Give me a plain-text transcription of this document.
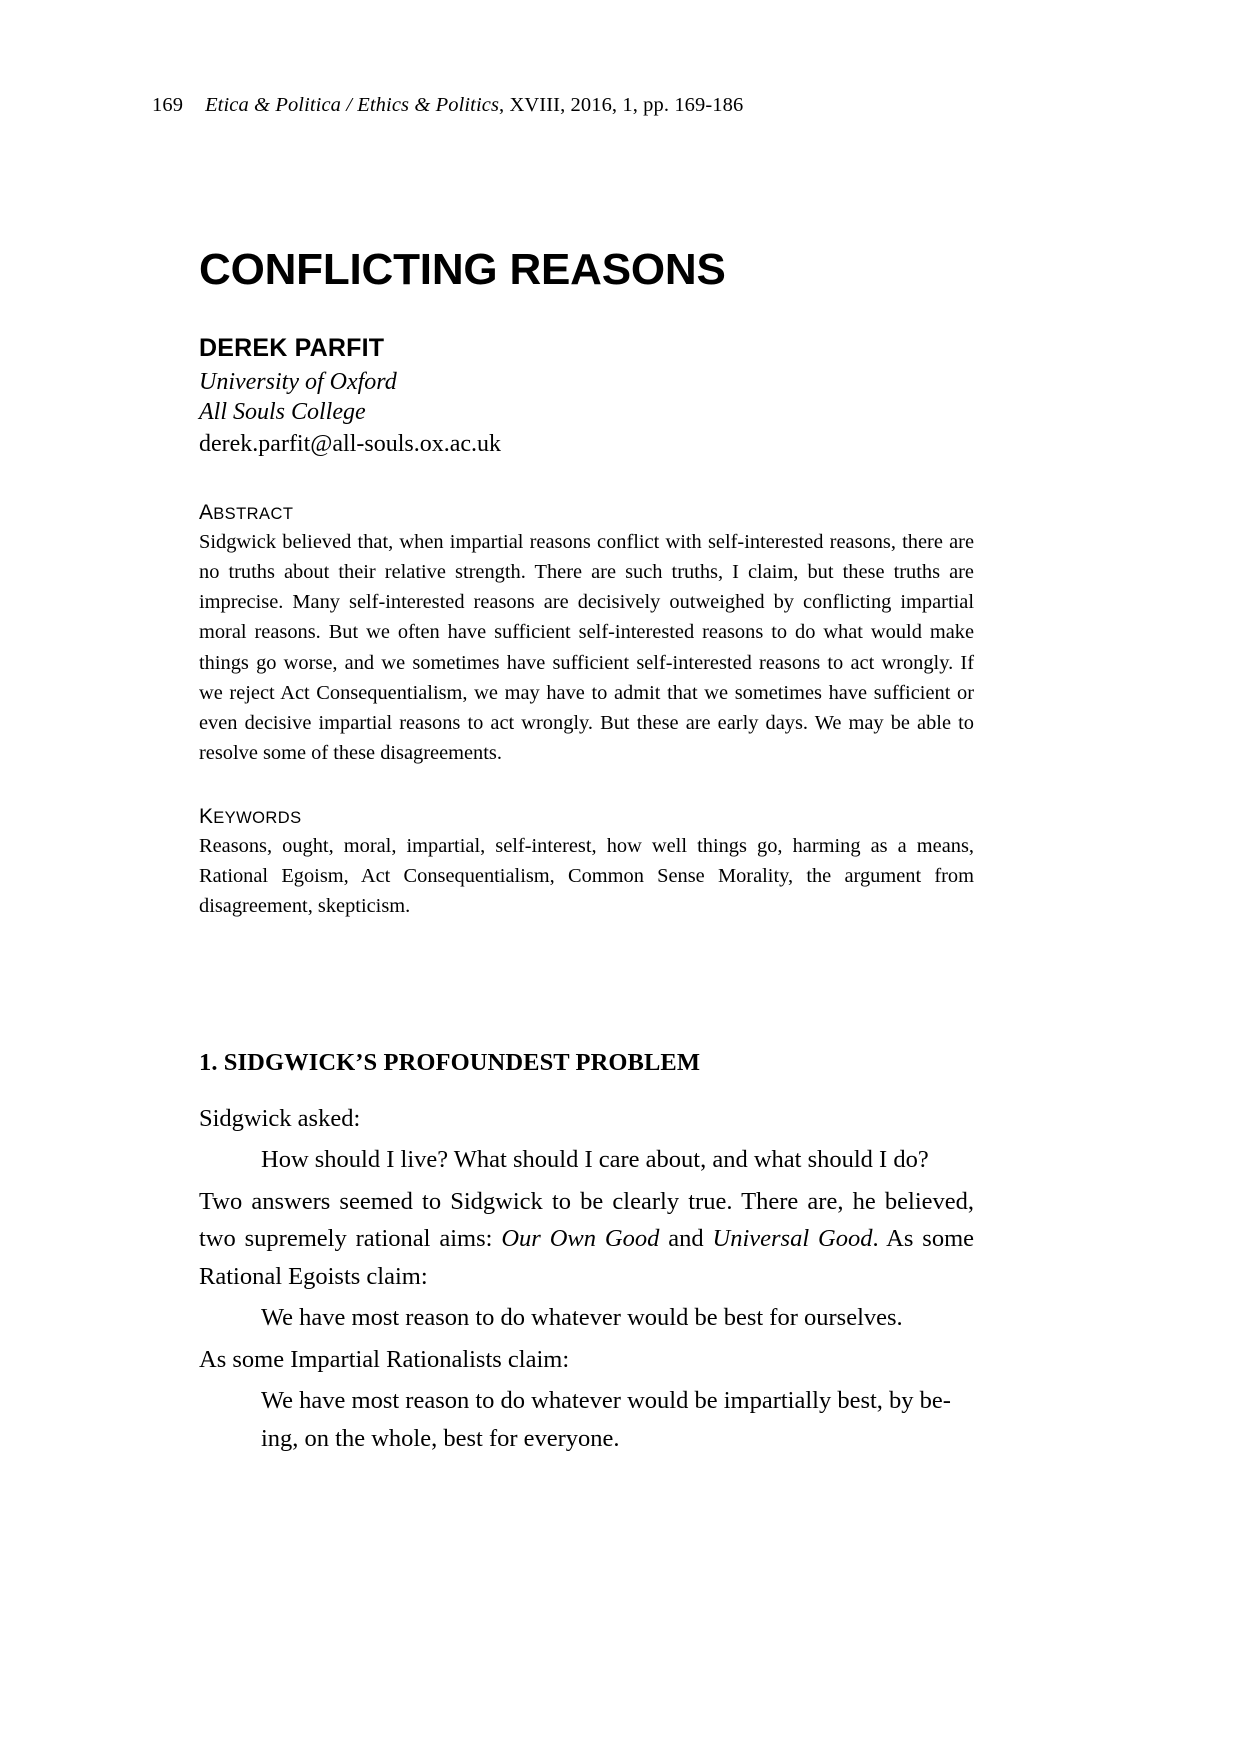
169 Etica & Politica / Ethics & Politics, XVIII, 2016, 1, pp. 169-186
CONFLICTING REASONS
DEREK PARFIT
University of Oxford
All Souls College
derek.parfit@all-souls.ox.ac.uk
ABSTRACT
Sidgwick believed that, when impartial reasons conflict with self-interested reasons, there are no truths about their relative strength. There are such truths, I claim, but these truths are imprecise. Many self-interested reasons are decisively outweighed by conflicting impartial moral reasons. But we often have sufficient self-interested reasons to do what would make things go worse, and we sometimes have sufficient self-interested reasons to act wrongly. If we reject Act Consequentialism, we may have to admit that we sometimes have sufficient or even decisive impartial reasons to act wrongly. But these are early days. We may be able to resolve some of these disagreements.
KEYWORDS
Reasons, ought, moral, impartial, self-interest, how well things go, harming as a means, Rational Egoism, Act Consequentialism, Common Sense Morality, the argument from disagreement, skepticism.
1. SIDGWICK’S PROFOUNDEST PROBLEM

Sidgwick asked:

How should I live? What should I care about, and what should I do?

Two answers seemed to Sidgwick to be clearly true. There are, he believed, two supremely rational aims: Our Own Good and Universal Good. As some Rational Egoists claim:

We have most reason to do whatever would be best for ourselves.

As some Impartial Rationalists claim:

We have most reason to do whatever would be impartially best, by be-
ing, on the whole, best for everyone.
